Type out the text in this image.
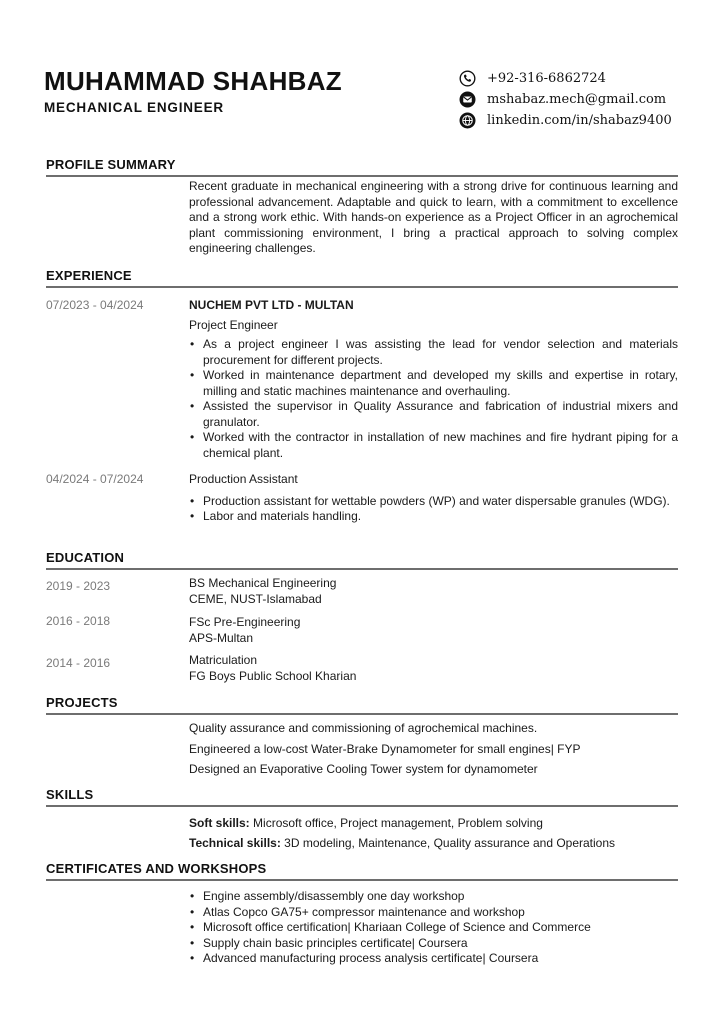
MUHAMMAD SHAHBAZ
MECHANICAL ENGINEER
+92-316-6862724
mshabaz.mech@gmail.com
linkedin.com/in/shabaz9400
PROFILE SUMMARY
Recent graduate in mechanical engineering with a strong drive for continuous learning and professional advancement. Adaptable and quick to learn, with a commitment to excellence and a strong work ethic. With hands-on experience as a Project Officer in an agrochemical plant commissioning environment, I bring a practical approach to solving complex engineering challenges.
EXPERIENCE
07/2023 - 04/2024	NUCHEM PVT LTD - MULTAN
Project Engineer
• As a project engineer I was assisting the lead for vendor selection and materials procurement for different projects.
• Worked in maintenance department and developed my skills and expertise in rotary, milling and static machines maintenance and overhauling.
• Assisted the supervisor in Quality Assurance and fabrication of industrial mixers and granulator.
• Worked with the contractor in installation of new machines and fire hydrant piping for a chemical plant.
04/2024 - 07/2024	Production Assistant
• Production assistant for wettable powders (WP) and water dispersable granules (WDG).
• Labor and materials handling.
EDUCATION
2019 - 2023	BS Mechanical Engineering
CEME, NUST-Islamabad
2016 - 2018	FSc Pre-Engineering
APS-Multan
2014 - 2016	Matriculation
FG Boys Public School Kharian
PROJECTS
Quality assurance and commissioning of agrochemical machines.
Engineered a low-cost Water-Brake Dynamometer for small engines| FYP
Designed an Evaporative Cooling Tower system for dynamometer
SKILLS
Soft skills: Microsoft office, Project management, Problem solving
Technical skills: 3D modeling, Maintenance, Quality assurance and Operations
CERTIFICATES AND WORKSHOPS
• Engine assembly/disassembly one day workshop
• Atlas Copco GA75+ compressor maintenance and workshop
• Microsoft office certification| Khariaan College of Science and Commerce
• Supply chain basic principles certificate| Coursera
• Advanced manufacturing process analysis certificate| Coursera
